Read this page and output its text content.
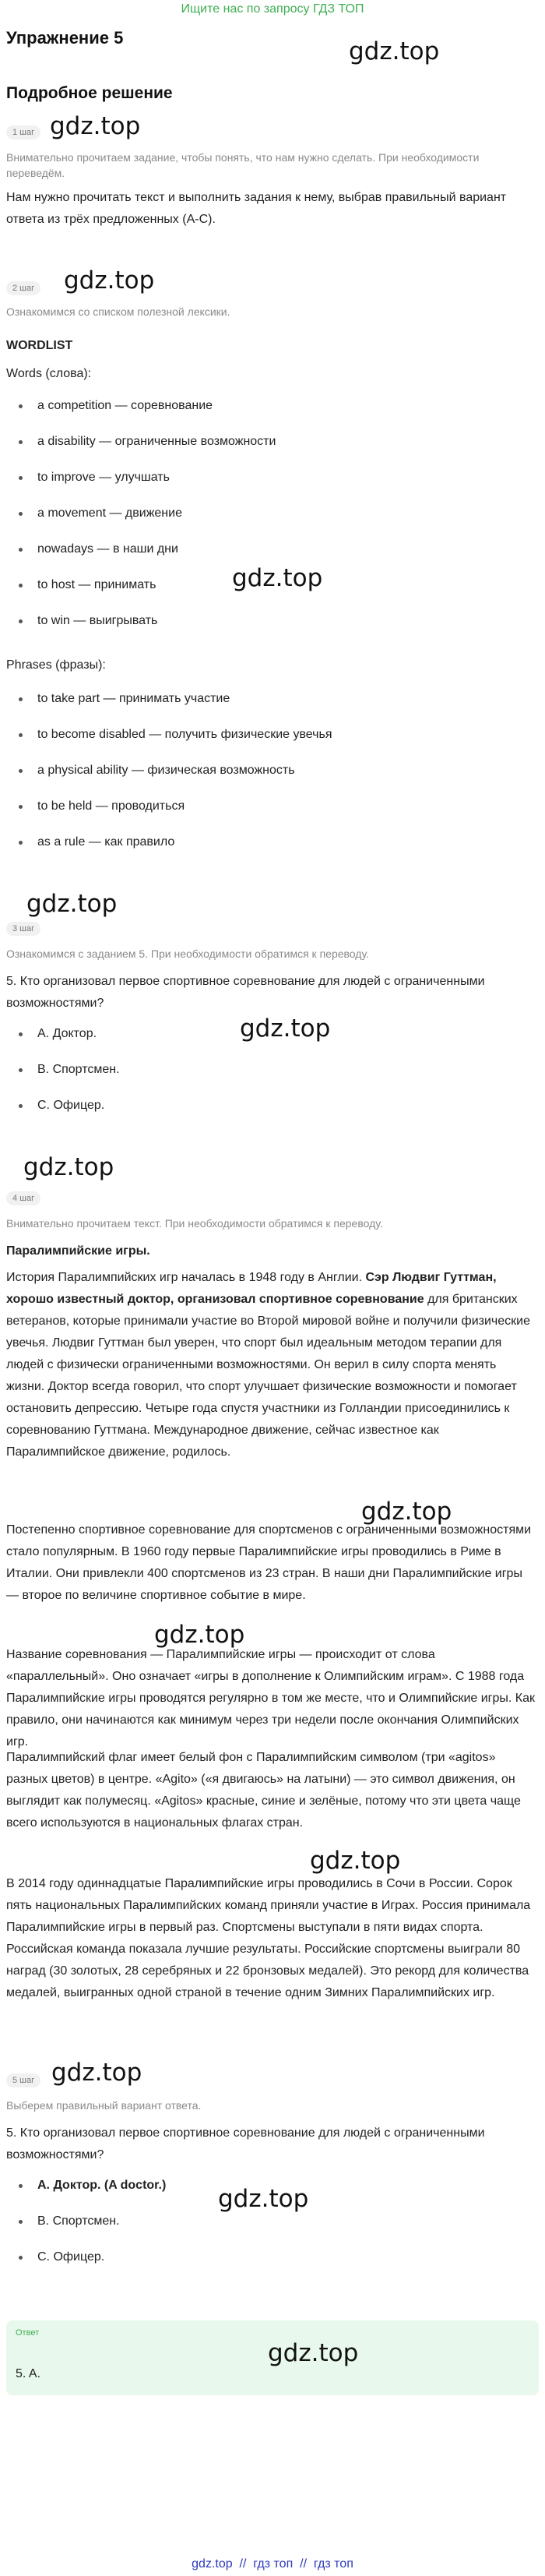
Ищите нас по запросу ГДЗ ТОП
Упражнение 5	gdz.top
Подробное решение
1 шаг gdz.top

Внимательно прочитаем задание, чтобы понять, что нам нужно сделать. При необходимости переведём.

Нам нужно прочитать текст и выполнить задания к нему, выбрав правильный вариант ответа из трёх предложенных (A-C).

gdz.top
2 шаг

Ознакомимся со списком полезной лексики.

WORDLIST

Words (слова):

a competition — соревнование
a disability — ограниченные возможности
to improve — улучшать
a movement — движение
nowadays — в наши дни
to host — принимать
to win — выигрывать
gdz.top

Phrases (фразы):

to take part — принимать участие
to become disabled — получить физические увечья
a physical ability — физическая возможность
to be held — проводиться
as a rule — как правило
gdz.top
3 шаг

Ознакомимся с заданием 5. При необходимости обратимся к переводу.

5. Кто организовал первое спортивное соревнование для людей с ограниченными возможностями?

gdz.top
A. Доктор.
B. Спортсмен.
C. Офицер.
gdz.top
4 шаг

Внимательно прочитаем текст. При необходимости обратимся к переводу.

Паралимпийские игры.

История Паралимпийских игр началась в 1948 году в Англии. Сэр Людвиг Гуттман, хорошо известный доктор, организовал спортивное соревнование для британских ветеранов, которые принимали участие во Второй мировой войне и получили физические увечья. Людвиг Гуттман был уверен, что спорт был идеальным методом терапии для людей с физически ограниченными возможностями. Он верил в силу спорта менять жизни. Доктор всегда говорил, что спорт улучшает физические возможности и помогает остановить депрессию. Четыре года спустя участники из Голландии присоединились к соревнованию Гуттмана. Международное движение, сейчас известное как Паралимпийское движение, родилось.

gdz.top

Постепенно спортивное соревнование для спортсменов с ограниченными возможностями стало популярным. В 1960 году первые Паралимпийские игры проводились в Риме в Италии. Они привлекли 400 спортсменов из 23 стран. В наши дни Паралимпийские игры — второе по величине спортивное событие в мире.

gdz.top

Название соревнования — Паралимпийские игры — происходит от слова «параллельный». Оно означает «игры в дополнение к Олимпийским играм». С 1988 года Паралимпийские игры проводятся регулярно в том же месте, что и Олимпийские игры. Как правило, они начинаются как минимум через три недели после окончания Олимпийских игр.

Паралимпийский флаг имеет белый фон с Паралимпийским символом (три «agitos» разных цветов) в центре. «Agito» («я двигаюсь» на латыни) — это символ движения, он выглядит как полумесяц. «Agitos» красные, синие и зелёные, потому что эти цвета чаще всего используются в национальных флагах стран.

gdz.top

В 2014 году одиннадцатые Паралимпийские игры проводились в Сочи в России. Сорок пять национальных Паралимпийских команд приняли участие в Играх. Россия принимала Паралимпийские игры в первый раз. Спортсмены выступали в пяти видах спорта. Российская команда показала лучшие результаты. Российские спортсмены выиграли 80 наград (30 золотых, 28 серебряных и 22 бронзовых медалей). Это рекорд для количества медалей, выигранных одной страной в течение одним Зимних Паралимпийских игр.

5 шаг gdz.top

Выберем правильный вариант ответа.

5. Кто организовал первое спортивное соревнование для людей с ограниченными возможностями?

A. Доктор. (A doctor.)
B. Спортсмен.
C. Офицер.
gdz.top
Ответ
5. A.
gdz.top
gdz.top  //  гдз топ  //  гдз топ
